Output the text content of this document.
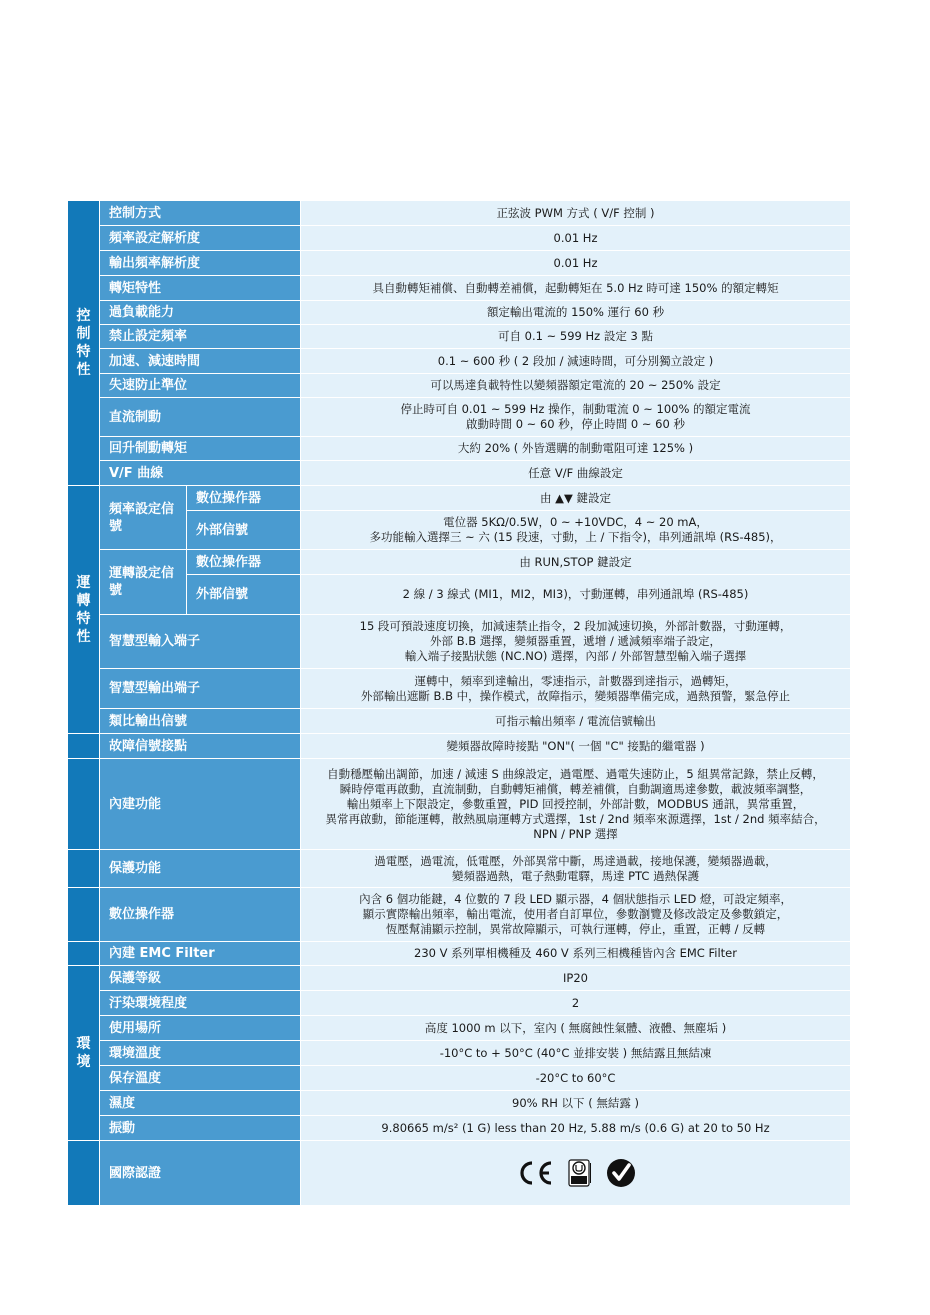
控制特性	控制方式		正弦波 PWM 方式 ( V/F 控制 )
	頻率設定解析度		0.01 Hz
	輸出頻率解析度		0.01 Hz
	轉矩特性		具自動轉矩補償、自動轉差補償，起動轉矩在 5.0 Hz 時可達 150% 的額定轉矩
	過負載能力		額定輸出電流的 150% 運行 60 秒
	禁止設定頻率		可自 0.1 ~ 599 Hz 設定 3 點
	加速、減速時間		0.1 ~ 600 秒 ( 2 段加 / 減速時間，可分別獨立設定 )
	失速防止準位		可以馬達負載特性以變頻器額定電流的 20 ~ 250% 設定
	直流制動		停止時可自 0.01 ~ 599 Hz 操作，制動電流 0 ~ 100% 的額定電流
啟動時間 0 ~ 60 秒，停止時間 0 ~ 60 秒
	回升制動轉矩		大約 20% ( 外皆選購的制動電阻可達 125% )
	V/F 曲線		任意 V/F 曲線設定
運轉特性	頻率設定信號	數位操作器	由 ▲▼ 鍵設定
		外部信號	電位器 5KΩ/0.5W，0 ~ +10VDC，4 ~ 20 mA，
多功能輸入選擇三 ~ 六 (15 段速，寸動，上 / 下指令)，串列通訊埠 (RS-485)，
	運轉設定信號	數位操作器	由 RUN,STOP 鍵設定
		外部信號	2 線 / 3 線式 (MI1，MI2，MI3)，寸動運轉，串列通訊埠 (RS-485)
	智慧型輸入端子		15 段可預設速度切換，加減速禁止指令，2 段加減速切換，外部計數器，寸動運轉，
外部 B.B 選擇，變頻器重置，遞增 / 遞減頻率端子設定，
輸入端子接點狀態 (NC.NO) 選擇，內部 / 外部智慧型輸入端子選擇
	智慧型輸出端子		運轉中，頻率到達輸出，零速指示，計數器到達指示，過轉矩，
外部輸出遮斷 B.B 中，操作模式，故障指示，變頻器準備完成，過熱預警，緊急停止
	類比輸出信號		可指示輸出頻率 / 電流信號輸出
	故障信號接點		變頻器故障時接點 "ON"( 一個 "C" 接點的繼電器 )
	內建功能		自動穩壓輸出調節，加速 / 減速 S 曲線設定，過電壓、過電失速防止，5 組異常記錄，禁止反轉，
瞬時停電再啟動，直流制動，自動轉矩補償，轉差補償，自動調適馬達參數，載波頻率調整，
輸出頻率上下限設定，參數重置，PID 回授控制，外部計數，MODBUS 通訊，異常重置，
異常再啟動，節能運轉，散熱風扇運轉方式選擇，1st / 2nd 頻率來源選擇，1st / 2nd 頻率結合，
NPN / PNP 選擇
	保護功能		過電壓，過電流，低電壓，外部異常中斷，馬達過載，接地保護，變頻器過載，
變頻器過熱，電子熱動電驛，馬達 PTC 過熱保護
	數位操作器		內含 6 個功能鍵，4 位數的 7 段 LED 顯示器，4 個狀態指示 LED 燈，可設定頻率，
顯示實際輸出頻率，輸出電流，使用者自訂單位，參數瀏覽及修改設定及參數鎖定，
恆壓幫浦顯示控制，異常故障顯示，可執行運轉，停止，重置，正轉 / 反轉
	內建 EMC Filter		230 V 系列單相機種及 460 V 系列三相機種皆內含 EMC Filter
環境	保護等級		IP20
	汙染環境程度		2
	使用場所		高度 1000 m 以下，室內 ( 無腐蝕性氣體、液體、無塵垢 )
	環境溫度		-10°C to + 50°C (40°C 並排安裝 ) 無結露且無結凍
	保存溫度		-20°C to 60°C
	濕度		90% RH 以下 ( 無結露 )
	振動		9.80665 m/s² (1 G) less than 20 Hz, 5.88 m/s (0.6 G) at 20 to 50 Hz
	國際認證	
